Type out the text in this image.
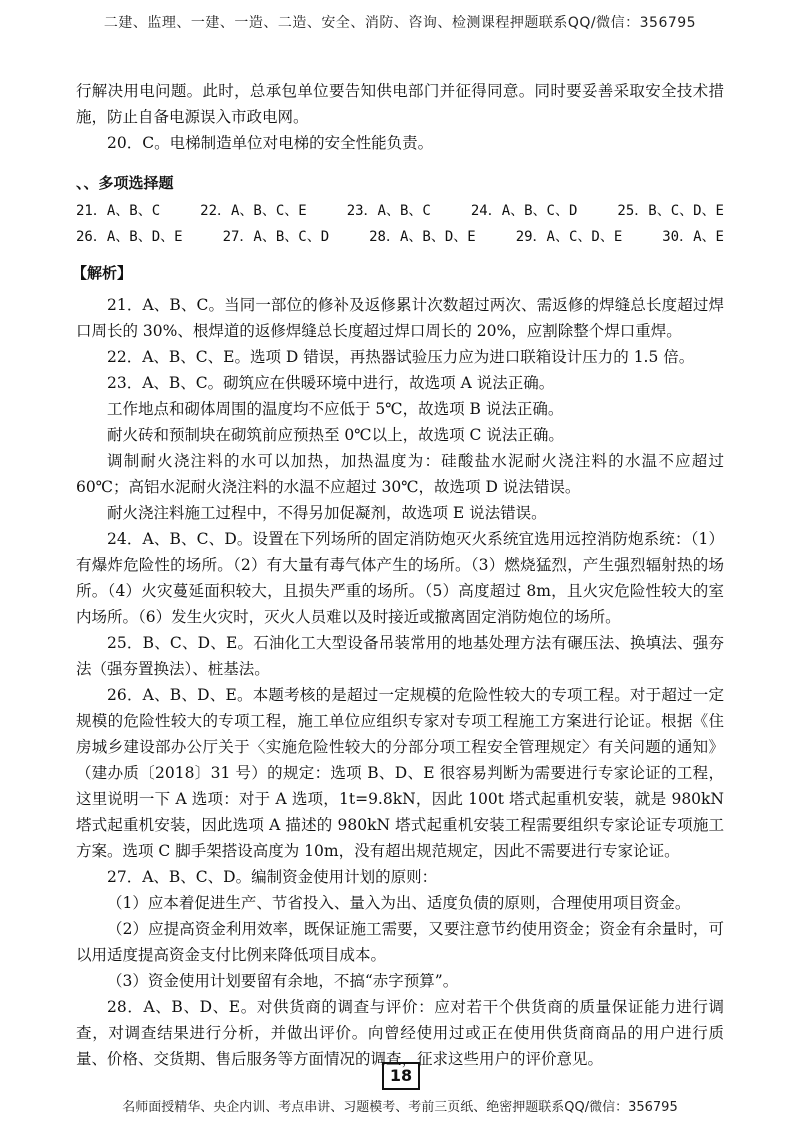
二建、监理、一建、一造、二造、安全、消防、咨询、检测课程押题联系QQ/微信：356795

行解决用电问题。此时，总承包单位要告知供电部门并征得同意。同时要妥善采取安全技术措施，防止自备电源误入市政电网。

20．C。电梯制造单位对电梯的安全性能负责。

、、多项选择题
21．A、B、C	22．A、B、C、E	23．A、B、C	24．A、B、C、D	25．B、C、D、E
26．A、B、D、E	27．A、B、C、D	28．A、B、D、E	29．A、C、D、E	30．A、E
【解析】

21．A、B、C。当同一部位的修补及返修累计次数超过两次、需返修的焊缝总长度超过焊口周长的 30%、根焊道的返修焊缝总长度超过焊口周长的 20%，应割除整个焊口重焊。

22．A、B、C、E。选项 D 错误，再热器试验压力应为进口联箱设计压力的 1.5 倍。

23．A、B、C。砌筑应在供暖环境中进行，故选项 A 说法正确。

工作地点和砌体周围的温度均不应低于 5℃，故选项 B 说法正确。

耐火砖和预制块在砌筑前应预热至 0℃以上，故选项 C 说法正确。

调制耐火浇注料的水可以加热，加热温度为：硅酸盐水泥耐火浇注料的水温不应超过 60℃；高铝水泥耐火浇注料的水温不应超过 30℃，故选项 D 说法错误。

耐火浇注料施工过程中，不得另加促凝剂，故选项 E 说法错误。

24．A、B、C、D。设置在下列场所的固定消防炮灭火系统宜选用远控消防炮系统：（1）有爆炸危险性的场所。（2）有大量有毒气体产生的场所。（3）燃烧猛烈，产生强烈辐射热的场所。（4）火灾蔓延面积较大，且损失严重的场所。（5）高度超过 8m，且火灾危险性较大的室内场所。（6）发生火灾时，灭火人员难以及时接近或撤离固定消防炮位的场所。

25．B、C、D、E。石油化工大型设备吊装常用的地基处理方法有碾压法、换填法、强夯法（强夯置换法）、桩基法。

26．A、B、D、E。本题考核的是超过一定规模的危险性较大的专项工程。对于超过一定规模的危险性较大的专项工程，施工单位应组织专家对专项工程施工方案进行论证。根据《住房城乡建设部办公厅关于〈实施危险性较大的分部分项工程安全管理规定〉有关问题的通知》（建办质〔2018〕31 号）的规定：选项 B、D、E 很容易判断为需要进行专家论证的工程，这里说明一下 A 选项：对于 A 选项，1t=9.8kN，因此 100t 塔式起重机安装，就是 980kN 塔式起重机安装，因此选项 A 描述的 980kN 塔式起重机安装工程需要组织专家论证专项施工方案。选项 C 脚手架搭设高度为 10m，没有超出规范规定，因此不需要进行专家论证。

27．A、B、C、D。编制资金使用计划的原则：

（1）应本着促进生产、节省投入、量入为出、适度负债的原则，合理使用项目资金。

（2）应提高资金利用效率，既保证施工需要，又要注意节约使用资金；资金有余量时，可以用适度提高资金支付比例来降低项目成本。

（3）资金使用计划要留有余地，不搞“赤字预算”。

28．A、B、D、E。对供货商的调查与评价：应对若干个供货商的质量保证能力进行调查，对调查结果进行分析，并做出评价。向曾经使用过或正在使用供货商商品的用户进行质量、价格、交货期、售后服务等方面情况的调查，征求这些用户的评价意见。

18
名师面授精华、央企内训、考点串讲、习题模考、考前三页纸、绝密押题联系QQ/微信：356795
